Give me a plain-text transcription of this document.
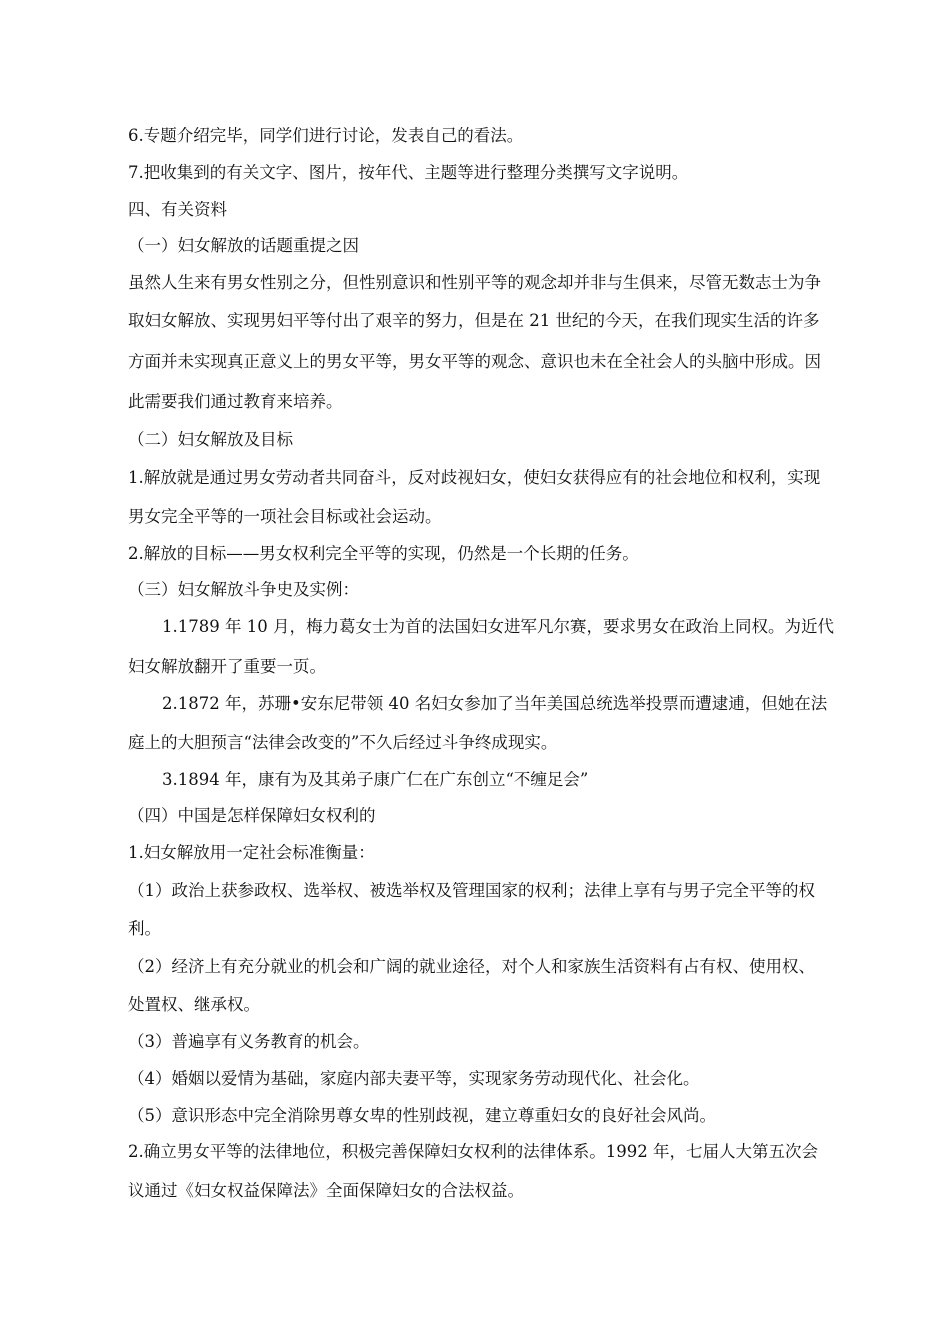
6.专题介绍完毕，同学们进行讨论，发表自己的看法。
7.把收集到的有关文字、图片，按年代、主题等进行整理分类撰写文字说明。
四、有关资料
（一）妇女解放的话题重提之因
虽然人生来有男女性别之分，但性别意识和性别平等的观念却并非与生俱来，尽管无数志士为争
取妇女解放、实现男妇平等付出了艰辛的努力，但是在 21 世纪的今天，在我们现实生活的许多
方面并未实现真正意义上的男女平等，男女平等的观念、意识也未在全社会人的头脑中形成。因
此需要我们通过教育来培养。
（二）妇女解放及目标
1.解放就是通过男女劳动者共同奋斗，反对歧视妇女，使妇女获得应有的社会地位和权利，实现
男女完全平等的一项社会目标或社会运动。
2.解放的目标——男女权利完全平等的实现，仍然是一个长期的任务。
（三）妇女解放斗争史及实例：
1.1789 年 10 月，梅力葛女士为首的法国妇女进军凡尔赛，要求男女在政治上同权。为近代
妇女解放翻开了重要一页。
2.1872 年，苏珊•安东尼带领 40 名妇女参加了当年美国总统选举投票而遭逮逋，但她在法
庭上的大胆预言“法律会改变的”不久后经过斗争终成现实。
3.1894 年，康有为及其弟子康广仁在广东创立“不缠足会”
（四）中国是怎样保障妇女权利的
1.妇女解放用一定社会标准衡量：
（1）政治上获参政权、选举权、被选举权及管理国家的权利；法律上享有与男子完全平等的权
利。
（2）经济上有充分就业的机会和广阔的就业途径，对个人和家族生活资料有占有权、使用权、
处置权、继承权。
（3）普遍享有义务教育的机会。
（4）婚姻以爱情为基础，家庭内部夫妻平等，实现家务劳动现代化、社会化。
（5）意识形态中完全消除男尊女卑的性别歧视，建立尊重妇女的良好社会风尚。
2.确立男女平等的法律地位，积极完善保障妇女权利的法律体系。1992 年，七届人大第五次会
议通过《妇女权益保障法》全面保障妇女的合法权益。
